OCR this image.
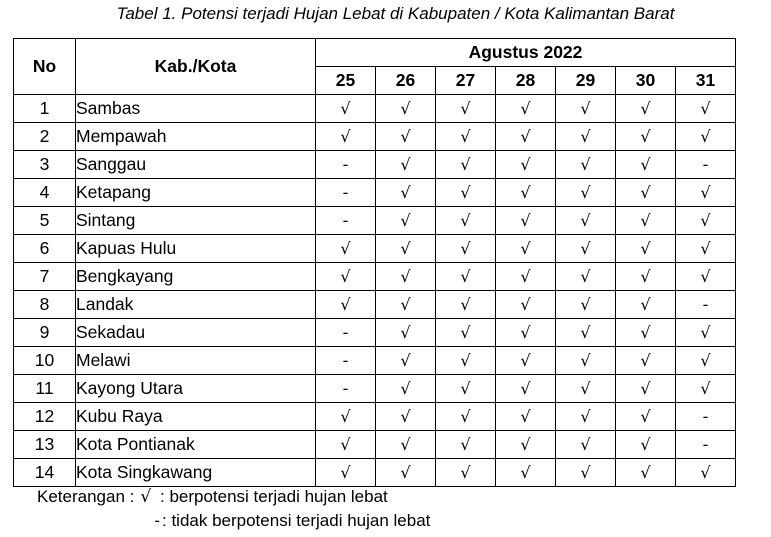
Tabel 1. Potensi terjadi Hujan Lebat di Kabupaten / Kota Kalimantan Barat
No	Kab./Kota	Agustus 2022						
		25	26	27	28	29	30	31
1	Sambas	√	√	√	√	√	√	√
2	Mempawah	√	√	√	√	√	√	√
3	Sanggau	-	√	√	√	√	√	-
4	Ketapang	-	√	√	√	√	√	√
5	Sintang	-	√	√	√	√	√	√
6	Kapuas Hulu	√	√	√	√	√	√	√
7	Bengkayang	√	√	√	√	√	√	√
8	Landak	√	√	√	√	√	√	-
9	Sekadau	-	√	√	√	√	√	√
10	Melawi	-	√	√	√	√	√	√
11	Kayong Utara	-	√	√	√	√	√	√
12	Kubu Raya	√	√	√	√	√	√	-
13	Kota Pontianak	√	√	√	√	√	√	-
14	Kota Singkawang	√	√	√	√	√	√	√
Keterangan : √ : berpotensi terjadi hujan lebat
- : tidak berpotensi terjadi hujan lebat
